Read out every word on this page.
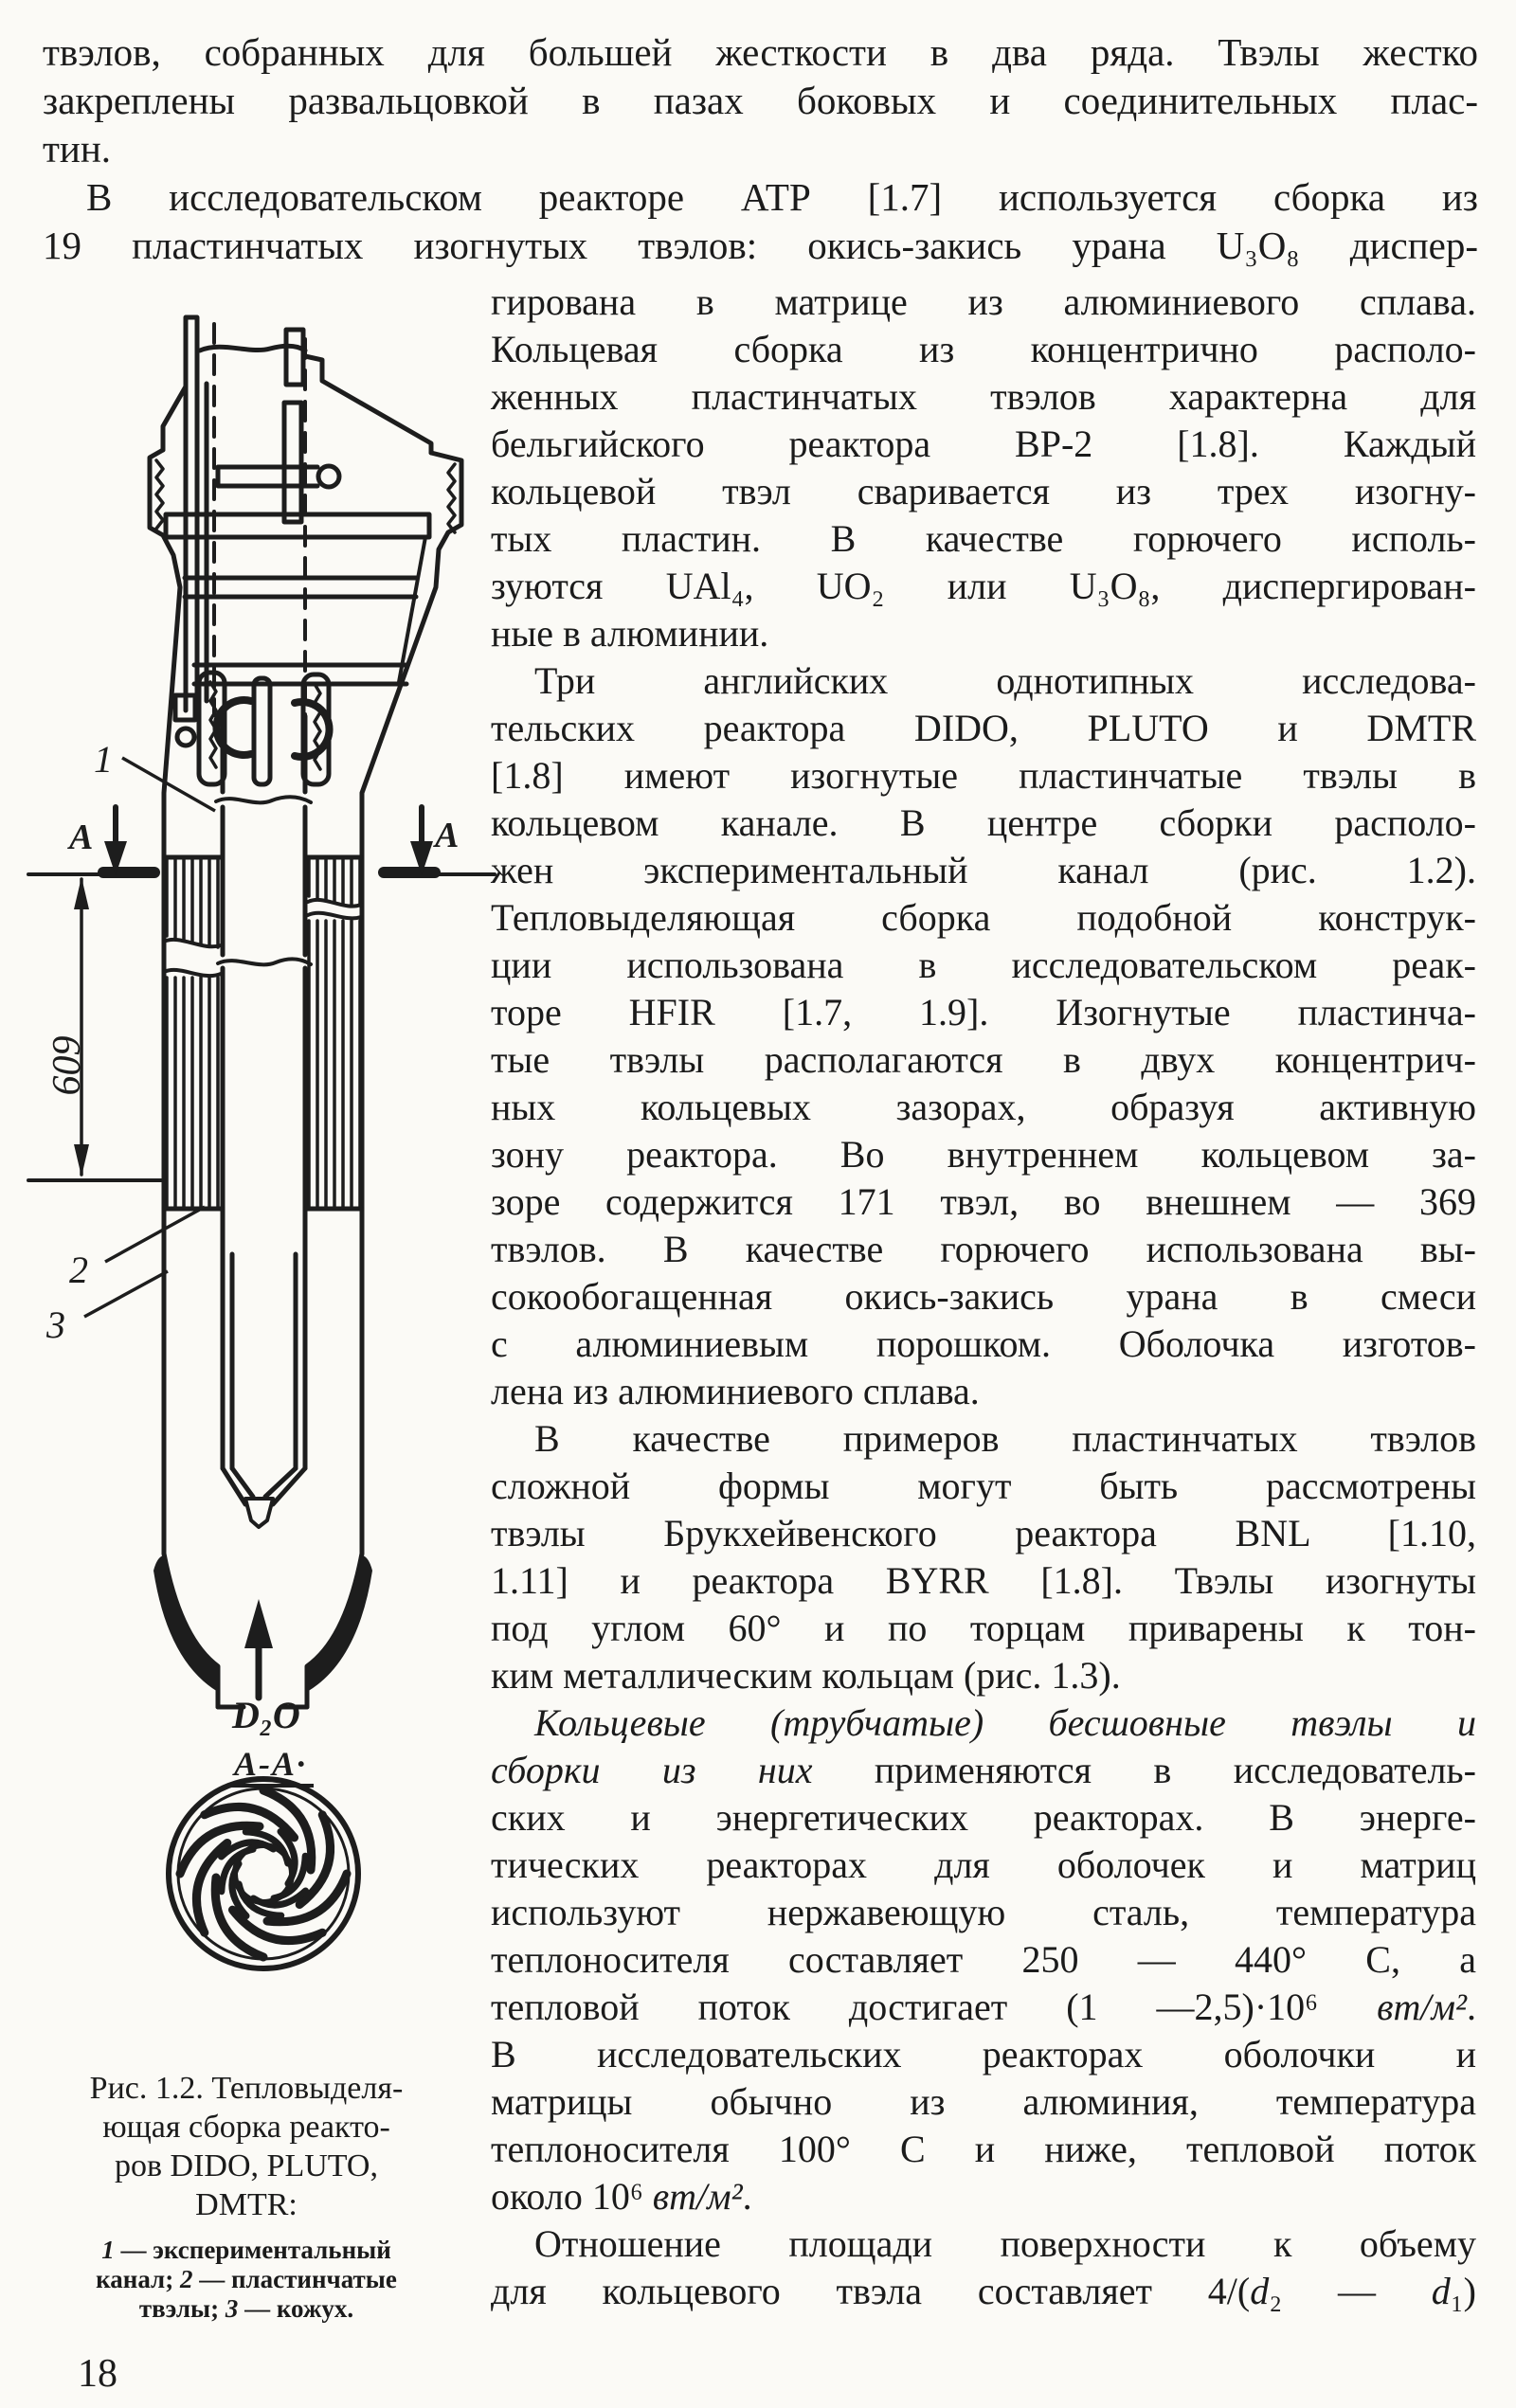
твэлов, собранных для большей жесткости в два ряда. Твэлы жестко
закреплены развальцовкой в пазах боковых и соединительных плас-
тин.
В исследовательском реакторе АТР [1.7] используется сборка из
19 пластинчатых изогнутых твэлов: окись-закись урана U₃O₈ диспер-
гирована в матрице из алюминиевого сплава.
Кольцевая сборка из концентрично располо-
женных пластинчатых твэлов характерна для
бельгийского реактора BP-2 [1.8]. Каждый
кольцевой твэл сваривается из трех изогну-
тых пластин. В качестве горючего исполь-
зуются UAl₄, UO₂ или U₃O₈, диспергирован-
ные в алюминии.
Три английских однотипных исследова-
тельских реактора DIDO, PLUTO и DMTR
[1.8] имеют изогнутые пластинчатые твэлы в
кольцевом канале. В центре сборки располо-
жен экспериментальный канал (рис. 1.2).
Тепловыделяющая сборка подобной конструк-
ции использована в исследовательском реак-
торе HFIR [1.7, 1.9]. Изогнутые пластинча-
тые твэлы располагаются в двух концентрич-
ных кольцевых зазорах, образуя активную
зону реактора. Во внутреннем кольцевом за-
зоре содержится 171 твэл, во внешнем — 369
твэлов. В качестве горючего использована вы-
сокообогащенная окись-закись урана в смеси
с алюминиевым порошком. Оболочка изготов-
лена из алюминиевого сплава.
В качестве примеров пластинчатых твэлов
сложной формы могут быть рассмотрены
твэлы Брукхейвенского реактора BNL [1.10,
1.11] и реактора BYRR [1.8]. Твэлы изогнуты
под углом 60° и по торцам приварены к тон-
ким металлическим кольцам (рис. 1.3).
Кольцевые (трубчатые) бесшовные твэлы и
сборки из них применяются в исследователь-
ских и энергетических реакторах. В энерге-
тических реакторах для оболочек и матриц
используют нержавеющую сталь, температура
теплоносителя составляет 250 — 440° С, а
тепловой поток достигает (1 —2,5)·10⁶ вт/м².
В исследовательских реакторах оболочки и
матрицы обычно из алюминия, температура
теплоносителя 100° С и ниже, тепловой поток
около 10⁶ вт/м².
Отношение площади поверхности к объему
для кольцевого твэла составляет 4/(d₂ — d₁)
1
2
3
А	А
609
D₂O
А-А·
Рис. 1.2. Тепловыделя-
ющая сборка реакто-
ров DIDO, PLUTO,
DMTR:
1 — экспериментальный
канал; 2 — пластинчатые
твэлы; 3 — кожух.
18
